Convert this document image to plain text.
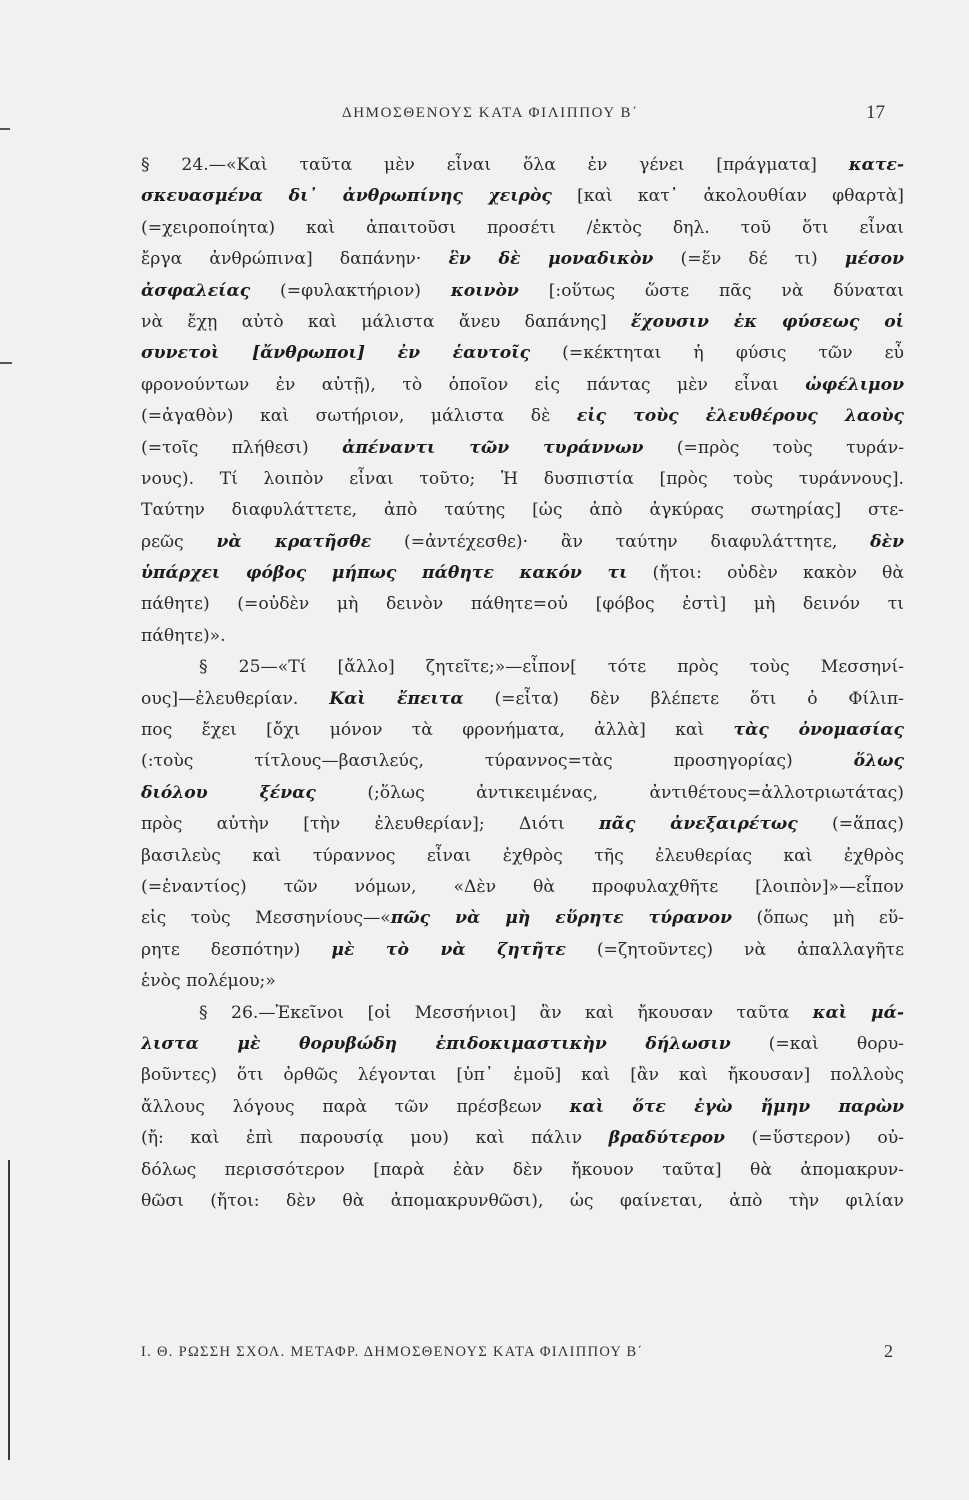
ΔΗΜΟΣΘΕΝΟΥΣ ΚΑΤΑ ΦΙΛΙΠΠΟΥ Β΄	17
§ 24.—«Καὶ ταῦτα μὲν εἶναι ὅλα ἐν γένει [πράγματα] κατε-
σκευασμένα δι᾽ ἀνθρωπίνης χειρὸς [καὶ κατ᾽ ἀκολουθίαν φθαρτὰ]
(=χειροποίητα) καὶ ἀπαιτοῦσι προσέτι /ἐκτὸς δηλ. τοῦ ὅτι εἶναι
ἔργα ἀνθρώπινα] δαπάνην· ἓν δὲ μοναδικὸν (=ἕν δέ τι) μέσον
ἀσφαλείας (=φυλακτήριον) κοινὸν [:οὕτως ὥστε πᾶς νὰ δύναται
νὰ ἔχῃ αὐτὸ καὶ μάλιστα ἄνευ δαπάνης] ἔχουσιν ἐκ φύσεως οἱ
συνετοὶ [ἄνθρωποι] ἐν ἑαυτοῖς (=κέκτηται ἡ φύσις τῶν εὖ
φρονούντων ἐν αὑτῇ), τὸ ὁποῖον εἰς πάντας μὲν εἶναι ὠφέλιμον
(=ἀγαθὸν) καὶ σωτήριον, μάλιστα δὲ εἰς τοὺς ἐλευθέρους λαοὺς
(=τοῖς πλήθεσι) ἀπέναντι τῶν τυράννων (=πρὸς τοὺς τυράν-
νους). Τί λοιπὸν εἶναι τοῦτο; Ἡ δυσπιστία [πρὸς τοὺς τυράννους].
Ταύτην διαφυλάττετε, ἀπὸ ταύτης [ὡς ἀπὸ ἀγκύρας σωτηρίας] στε-
ρεῶς νὰ κρατῆσθε (=ἀντέχεσθε)· ἂν ταύτην διαφυλάττητε, δὲν
ὑπάρχει φόβος μήπως πάθητε κακόν τι (ἤτοι: οὐδὲν κακὸν θὰ
πάθητε) (=οὐδὲν μὴ δεινὸν πάθητε=οὐ [φόβος ἐστὶ] μὴ δεινόν τι
πάθητε)».
§ 25—«Τί [ἄλλο] ζητεῖτε;»—εἶπον[ τότε πρὸς τοὺς Μεσσηνί-
ους]—ἐλευθερίαν. Καὶ ἔπειτα (=εἶτα) δὲν βλέπετε ὅτι ὁ Φίλιπ-
πος ἔχει [ὄχι μόνον τὰ φρονήματα, ἀλλὰ] καὶ τὰς ὀνομασίας
(:τοὺς τίτλους—βασιλεύς, τύραννος=τὰς προσηγορίας) ὅλως
διόλου ξένας (;ὅλως ἀντικειμένας, ἀντιθέτους=ἀλλοτριωτάτας)
πρὸς αὐτὴν [τὴν ἐλευθερίαν]; Διότι πᾶς ἀνεξαιρέτως (=ἅπας)
βασιλεὺς καὶ τύραννος εἶναι ἐχθρὸς τῆς ἐλευθερίας καὶ ἐχθρὸς
(=ἐναντίος) τῶν νόμων, «Δὲν θὰ προφυλαχθῆτε [λοιπὸν]»—εἶπον
εἰς τοὺς Μεσσηνίους—«πῶς νὰ μὴ εὕρητε τύρανον (ὅπως μὴ εὕ-
ρητε δεσπότην) μὲ τὸ νὰ ζητῆτε (=ζητοῦντες) νὰ ἀπαλλαγῆτε
ἑνὸς πολέμου;»
§ 26.—Ἐκεῖνοι [οἱ Μεσσήνιοι] ἂν καὶ ἤκουσαν ταῦτα καὶ μά-
λιστα μὲ θορυβώδη ἐπιδοκιμαστικὴν δήλωσιν (=καὶ θορυ-
βοῦντες) ὅτι ὀρθῶς λέγονται [ὑπ᾽ ἐμοῦ] καὶ [ἂν καὶ ἤκουσαν] πολλοὺς
ἄλλους λόγους παρὰ τῶν πρέσβεων καὶ ὅτε ἐγὼ ἤμην παρὼν
(ἤ: καὶ ἐπὶ παρουσίᾳ μου) καὶ πάλιν βραδύτερον (=ὕστερον) οὐ-
δόλως περισσότερον [παρὰ ἐὰν δὲν ἤκουον ταῦτα] θὰ ἀπομακρυν-
θῶσι (ἤτοι: δὲν θὰ ἀπομακρυνθῶσι), ὡς φαίνεται, ἀπὸ τὴν φιλίαν
Ι. Θ. ΡΩΣΣΗ ΣΧΟΛ. ΜΕΤΑΦΡ. ΔΗΜΟΣΘΕΝΟΥΣ ΚΑΤΑ ΦΙΛΙΠΠΟΥ Β΄	2
